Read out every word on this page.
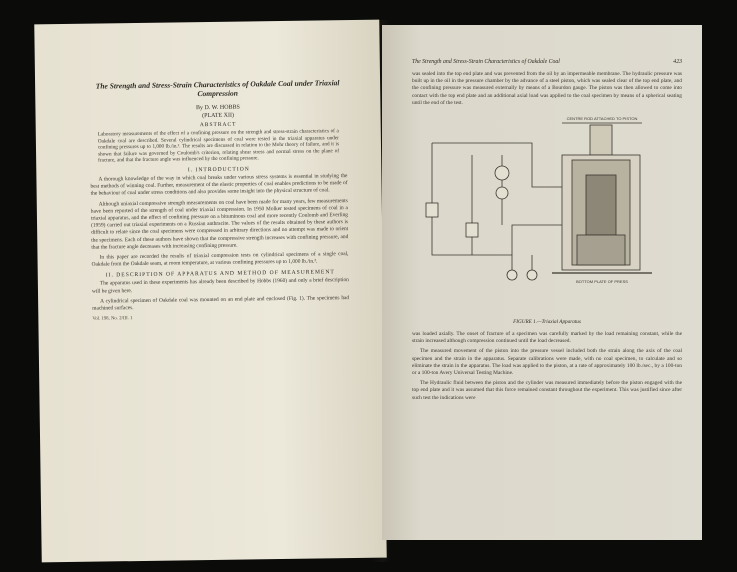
The Strength and Stress-Strain Characteristics of Oakdale Coal under Triaxial Compression
By D. W. HOBBS
(PLATE XII)
ABSTRACT
Laboratory measurements of the effect of a confining pressure on the strength and stress-strain characteristics of a Oakdale coal are described. Several cylindrical specimens of coal were tested in the triaxial apparatus under confining pressures up to 1,000 lb./in.². The results are discussed in relation to the Mohr theory of failure, and it is shown that failure was governed by Coulomb's criterion, relating shear stress and normal stress on the plane of fracture, and that the fracture angle was influenced by the confining pressure.
I. INTRODUCTION

A thorough knowledge of the way in which coal breaks under various stress systems is essential in studying the best methods of winning coal. Further, measurement of the elastic properties of coal enables predictions to be made of the behaviour of coal under stress conditions and also provides some insight into the physical structure of coal.

Although uniaxial compressive strength measurements on coal have been made for many years, few measurements have been reported of the strength of coal under triaxial compression. In 1950 Molker tested specimens of coal in a triaxial apparatus, and the effect of confining pressure on a bituminous coal and more recently Coulomb and Everling (1959) carried out triaxial experiments on a Russian anthracite. The values of the results obtained by these authors is difficult to relate since the coal specimens were compressed in arbitrary directions and no attempt was made to orient the specimens. Each of these authors have shown that the compressive strength increases with confining pressure, and that the fracture angle decreases with increasing confining pressure.

In this paper are recorded the results of triaxial compression tests on cylindrical specimens of a single coal, Oakdale from the Oakdale seam, at room temperature, at various confining pressures up to 1,000 lb./in.².

II. DESCRIPTION OF APPARATUS AND METHOD OF MEASUREMENT

The apparatus used in these experiments has already been described by Hobbs (1960) and only a brief description will be given here.

A cylindrical specimen of Oakdale coal was mounted on an end plate and enclosed (Fig. 1). The specimens had machined surfaces.

Vol. 198, No. 2/III. 1
The Strength and Stress-Strain Characteristics of Oakdale Coal	423

was sealed into the top end plate and was prevented from the oil by an impermeable membrane. The hydraulic pressure was built up in the oil in the pressure chamber by the advance of a steel piston, which was sealed clear of the top end plate, and the confining pressure was measured externally by means of a Bourdon gauge. The piston was then allowed to come into contact with the top end plate and an additional axial load was applied to the coal specimen by means of a spherical seating until the end of the test.

CENTRE ROD ATTACHED TO PISTON
BOTTOM PLATE OF PRESS
FIGURE 1.—Triaxial Apparatus

was loaded axially. The onset of fracture of a specimen was carefully marked by the load remaining constant, while the strain increased although compression continued until the load decreased.

The measured movement of the piston into the pressure vessel included both the strain along the axis of the coal specimen and the strain in the apparatus. Separate calibrations were made, with no coal specimen, to calculate and so eliminate the strain in the apparatus. The load was applied to the piston, at a rate of approximately 100 lb./sec., by a 100-ton or a 100-ton Avery Universal Testing Machine.

The Hydraulic fluid between the piston and the cylinder was measured immediately before the piston engaged with the top end plate and it was assumed that this force remained constant throughout the experiment. This was justified since after such test the indications were
